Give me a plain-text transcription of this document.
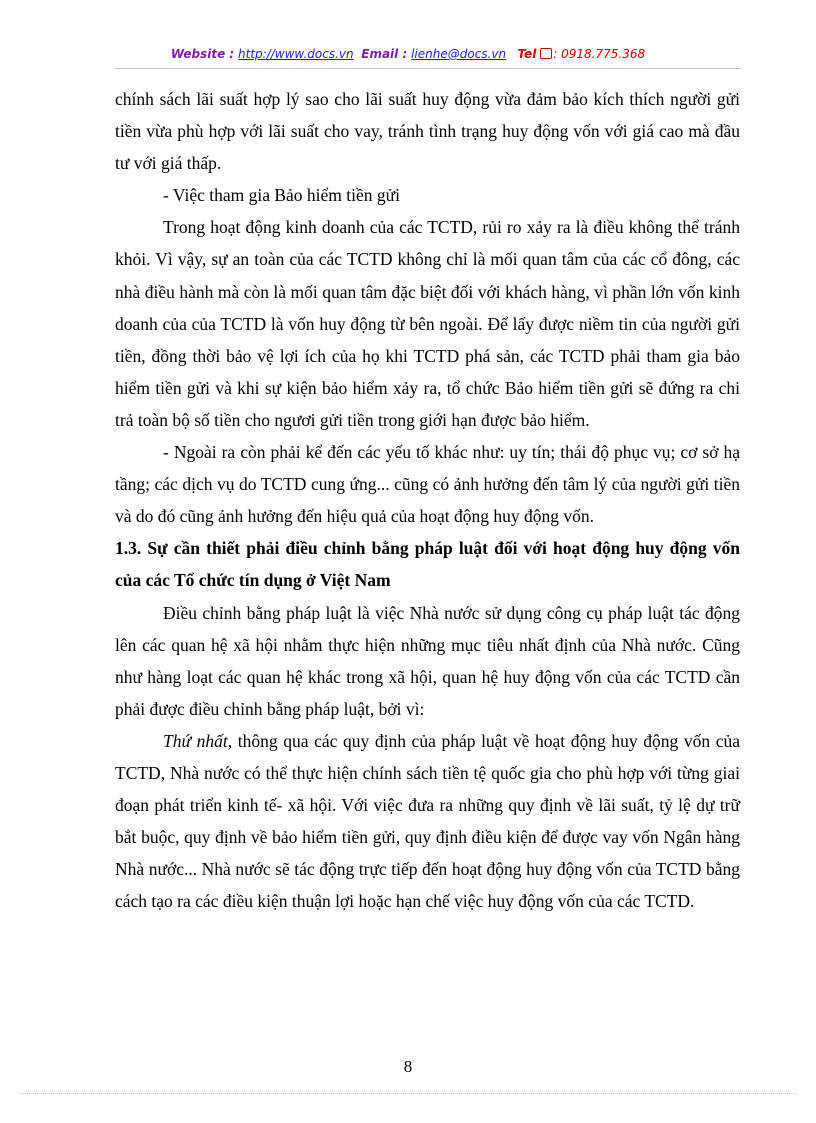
Website : http://www.docs.vn Email : lienhe@docs.vn Tel : 0918.775.368

chính sách lãi suất hợp lý sao cho lãi suất huy động vừa đảm bảo kích thích người gửi tiền vừa phù hợp với lãi suất cho vay, tránh tình trạng huy động vốn với giá cao mà đầu tư với giá thấp.

- Việc tham gia Bảo hiểm tiền gửi

Trong hoạt động kinh doanh của các TCTD, rủi ro xảy ra là điều không thể tránh khỏi. Vì vậy, sự an toàn của các TCTD không chỉ là mối quan tâm của các cổ đông, các nhà điều hành mà còn là mối quan tâm đặc biệt đối với khách hàng, vì phần lớn vốn kinh doanh của của TCTD là vốn huy động từ bên ngoài. Để lấy được niềm tin của người gửi tiền, đồng thời bảo vệ lợi ích của họ khi TCTD phá sản, các TCTD phải tham gia bảo hiểm tiền gửi và khi sự kiện bảo hiểm xảy ra, tổ chức Bảo hiểm tiền gửi sẽ đứng ra chi trả toàn bộ số tiền cho ngươi gửi tiền trong giới hạn được bảo hiểm.

- Ngoài ra còn phải kể đến các yếu tố khác như: uy tín; thái độ phục vụ; cơ sở hạ tầng; các dịch vụ do TCTD cung ứng... cũng có ảnh hưởng đến tâm lý của người gửi tiền và do đó cũng ảnh hưởng đến hiệu quả của hoạt động huy động vốn.

1.3. Sự cần thiết phải điều chỉnh bằng pháp luật đối với hoạt động huy động vốn của các Tổ chức tín dụng ở Việt Nam

Điều chỉnh bằng pháp luật là việc Nhà nước sử dụng công cụ pháp luật tác động lên các quan hệ xã hội nhằm thực hiện những mục tiêu nhất định của Nhà nước. Cũng như hàng loạt các quan hệ khác trong xã hội, quan hệ huy động vốn của các TCTD cần phải được điều chỉnh bằng pháp luật, bởi vì:

Thứ nhất, thông qua các quy định của pháp luật về hoạt động huy động vốn của TCTD, Nhà nước có thể thực hiện chính sách tiền tệ quốc gia cho phù hợp với từng giai đoạn phát triển kinh tế- xã hội. Với việc đưa ra những quy định về lãi suất, tỷ lệ dự trữ bắt buộc, quy định về bảo hiểm tiền gửi, quy định điều kiện để được vay vốn Ngân hàng Nhà nước... Nhà nước sẽ tác động trực tiếp đến hoạt động huy động vốn của TCTD bằng cách tạo ra các điều kiện thuận lợi hoặc hạn chế việc huy động vốn của các TCTD.

8
